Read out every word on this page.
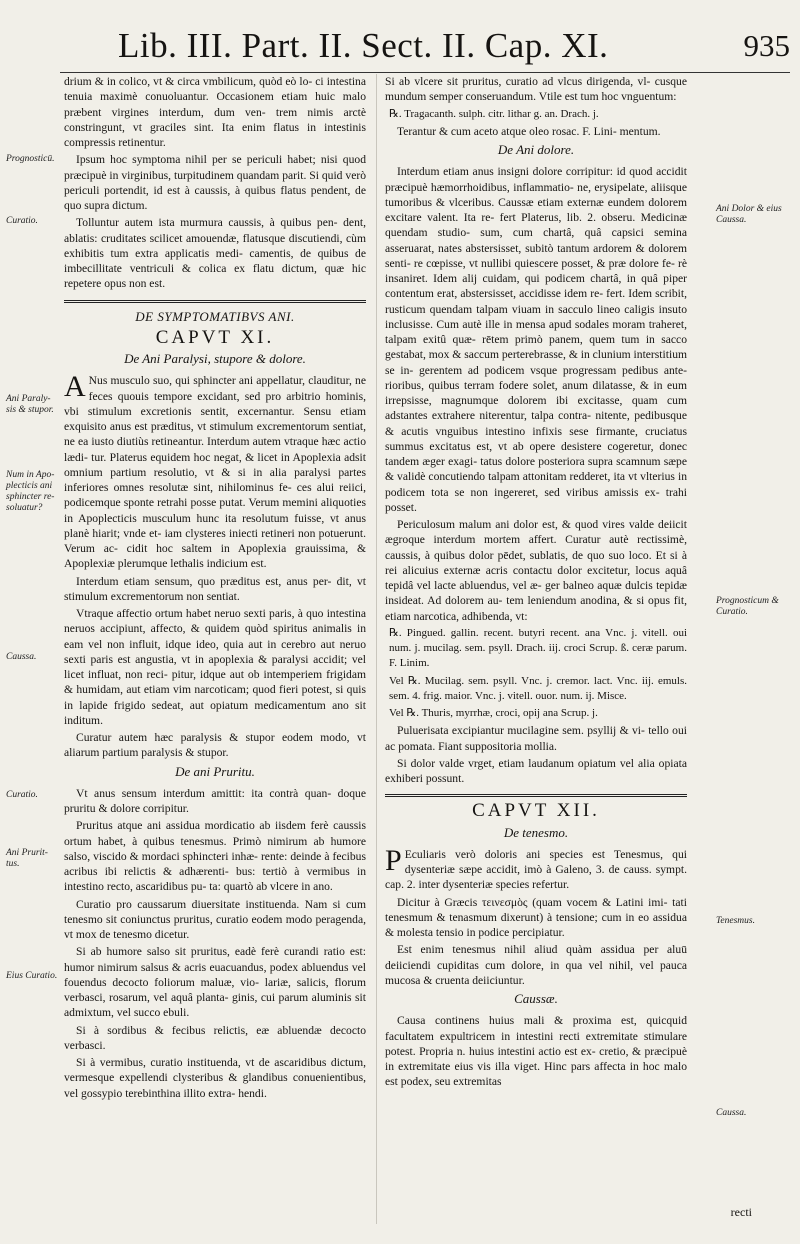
Lib. III. Part. II. Sect. II. Cap. XI.	935

drium & in colico, vt & circa vmbilicum, quòd eò lo- ci intestina tenuia maximè conuoluantur. Occasionem etiam huic malo præbent virgines interdum, dum ven- trem nimis arctè constringunt, vt graciles sint. Ita enim flatus in intestinis compressis retinentur.

Ipsum hoc symptoma nihil per se periculi habet; nisi quod præcipuè in virginibus, turpitudinem quandam parit. Si quid verò periculi portendit, id est à caussis, à quibus flatus pendent, de quo supra dictum.

Tolluntur autem ista murmura caussis, à quibus pen- dent, ablatis: cruditates scilicet amouendæ, flatusque discutiendi, cùm exhibitis tum extra applicatis medi- camentis, de quibus de imbecillitate ventriculi & colica ex flatu dictum, quæ hic repetere opus non est.

DE SYMPTOMATIBVS ANI.
CAPVT XI.
De Ani Paralysi, stupore & dolore.

A Nus musculo suo, qui sphincter ani appellatur, clauditur, ne feces quouis tempore excidant, sed pro arbitrio hominis, vbi stimulum excretionis sentit, excernantur. Sensu etiam exquisito anus est præditus, vt stimulum excrementorum sentiat, ne ea iusto diutiùs retineantur. Interdum autem vtraque hæc actio lædi- tur. Platerus equidem hoc negat, & licet in Apoplexia adsit omnium partium resolutio, vt & si in alia paralysi partes inferiores omnes resolutæ sint, nihilominus fe- ces alui reiici, podicemque sponte retrahi posse putat. Verum memini aliquoties in Apoplecticis musculum hunc ita resolutum fuisse, vt anus planè hiarit; vnde et- iam clysteres iniecti retineri non potuerunt. Verum ac- cidit hoc saltem in Apoplexia grauissima, & Apoplexiæ plerumque lethalis indicium est.

Interdum etiam sensum, quo præditus est, anus per- dit, vt stimulum excrementorum non sentiat.

Vtraque affectio ortum habet neruo sexti paris, à quo intestina neruos accipiunt, affecto, & quidem quòd spiritus animalis in eam vel non influit, idque ideo, quia aut in cerebro aut neruo sexti paris est angustia, vt in apoplexia & paralysi accidit; vel licet influat, non reci- pitur, idque aut ob intemperiem frigidam & humidam, aut etiam vim narcoticam; quod fieri potest, si quis in lapide frigido sedeat, aut opiatum medicamentum ano sit inditum.

Curatur autem hæc paralysis & stupor eodem modo, vt aliarum partium paralysis & stupor.

De ani Pruritu.

Vt anus sensum interdum amittit: ita contrà quan- doque pruritu & dolore corripitur.

Pruritus atque ani assidua mordicatio ab iisdem ferè caussis ortum habet, à quibus tenesmus. Primò nimirum ab humore salso, viscido & mordaci sphincteri inhæ- rente: deinde à fecibus acribus ibi relictis & adhærenti- bus: tertiò à vermibus in intestino recto, ascaridibus pu- ta: quartò ab vlcere in ano.

Curatio pro caussarum diuersitate instituenda. Nam si cum tenesmo sit coniunctus pruritus, curatio eodem modo peragenda, vt mox de tenesmo dicetur.

Si ab humore salso sit pruritus, eadè ferè curandi ratio est: humor nimirum salsus & acris euacuandus, podex abluendus vel fouendus decocto foliorum maluæ, vio- lariæ, salicis, florum verbasci, rosarum, vel aquâ planta- ginis, cui parum aluminis sit admixtum, vel succo ebuli.

Si à sordibus & fecibus relictis, eæ abluendæ decocto verbasci.

Si à vermibus, curatio instituenda, vt de ascaridibus dictum, vermesque expellendi clysteribus & glandibus conuenientibus, vel gossypio terebinthina illito extra- hendi.

Si ab vlcere sit pruritus, curatio ad vlcus dirigenda, vl- cusque mundum semper conseruandum. Vtile est tum hoc vnguentum:

℞. Tragacanth. sulph. citr. lithar g. an. Drach. j.

Terantur & cum aceto atque oleo rosac. F. Lini- mentum.

De Ani dolore.

Interdum etiam anus insigni dolore corripitur: id quod accidit præcipuè hæmorrhoidibus, inflammatio- ne, erysipelate, aliisque tumoribus & vlceribus. Caussæ etiam externæ eundem dolorem excitare valent. Ita re- fert Platerus, lib. 2. obseru. Medicinæ quendam studio- sum, cum chartâ, quâ capsici semina asseruarat, nates abstersisset, subitò tantum ardorem & dolorem senti- re cœpisse, vt nullibi quiescere posset, & præ dolore fe- rè insaniret. Idem alij cuidam, qui podicem chartâ, in quâ piper contentum erat, abstersisset, accidisse idem re- fert. Idem scribit, rusticum quendam talpam viuam in sacculo lineo caligis insuto inclusisse. Cum autè ille in mensa apud sodales moram traheret, talpam exitû quæ- rētem primò panem, quem tum in sacco gestabat, mox & saccum perterebrasse, & in clunium interstitium se in- gerentem ad podicem vsque progressam pedibus ante- rioribus, quibus terram fodere solet, anum dilatasse, & in eum irrepsisse, magnumque dolorem ibi excitasse, quam cum adstantes extrahere niterentur, talpa contra- nitente, pedibusque & acutis vnguibus intestino infixis sese firmante, cruciatus summus excitatus est, vt ab opere desistere cogeretur, donec tandem æger exagi- tatus dolore posteriora supra scamnum sæpe & validè concutiendo talpam attonitam redderet, ita vt vlterius in podicem tota se non ingereret, sed viribus amissis ex- trahi posset.

Periculosum malum ani dolor est, & quod vires valde deiicit ægroque interdum mortem affert. Curatur autè rectissimè, caussis, à quibus dolor pēdet, sublatis, de quo suo loco. Et si à rei alicuius externæ acris contactu dolor excitetur, locus aquâ tepidâ vel lacte abluendus, vel æ- ger balneo aquæ dulcis tepidæ insideat. Ad dolorem au- tem leniendum anodina, & si opus fit, etiam narcotica, adhibenda, vt:

℞. Pingued. gallin. recent. butyri recent. ana Vnc. j. vitell. oui num. j. mucilag. sem. psyll. Drach. iij. croci Scrup. ß. ceræ parum. F. Linim.

Vel ℞. Mucilag. sem. psyll. Vnc. j. cremor. lact. Vnc. iij. emuls. sem. 4. frig. maior. Vnc. j. vitell. ouor. num. ij. Misce.

Vel ℞. Thuris, myrrhæ, croci, opij ana Scrup. j.

Puluerisata excipiantur mucilagine sem. psyllij & vi- tello oui ac pomata. Fiant suppositoria mollia.

Si dolor valde vrget, etiam laudanum opiatum vel alia opiata exhiberi possunt.

CAPVT XII.
De tenesmo.

P Eculiaris verò doloris ani species est Tenesmus, qui dysenteriæ sæpe accidit, imò à Galeno, 3. de causs. sympt. cap. 2. inter dysenteriæ species refertur.

Dicitur à Græcis τεινεσμὸς (quam vocem & Latini imi- tati tenesmum & tenasmum dixerunt) à tensione; cum in eo assidua & molesta tensio in podice percipiatur.

Est enim tenesmus nihil aliud quàm assidua per aluū deiiciendi cupiditas cum dolore, in qua vel nihil, vel pauca mucosa & cruenta deiiciuntur.

Caussæ.

Causa continens huius mali & proxima est, quicquid facultatem expultricem in intestini recti extremitate stimulare potest. Propria n. huius intestini actio est ex- cretio, & præcipuè in extremitate eius vis illa viget. Hinc pars affecta in hoc malo est podex, seu extremitas

recti
Prognosticū.
Curatio.
Ani Paraly- sis & stupor.
Num in Apo- plecticis ani sphincter re- soluatur?
Caussa.
Curatio.
Ani Prurit- tus.
Eius Curatio.
Ani Dolor & eius Caussa.
Prognosticum & Curatio.
Tenesmus.
Caussa.
